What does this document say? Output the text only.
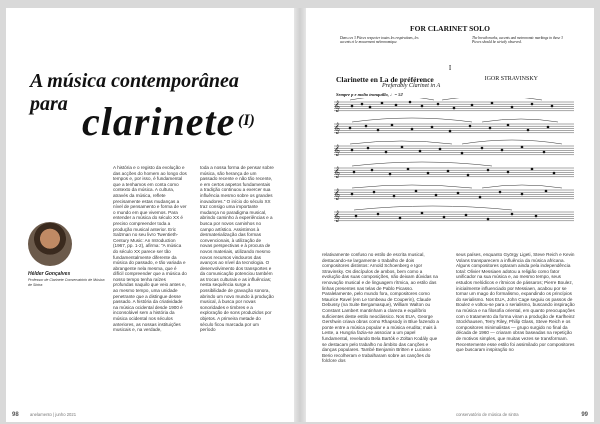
A música contemporânea
para clarinete (I)
Hélder Gonçalves
Professor de Clarinete Conservatório de Música de Sintra
A história e o registo da evolução e das acções do homem ao longo dos tempos e, por isso, é fundamental que a tenhamos em conta como contexto da música. A cultura, através da música, reflete precisamente estas mudanças a nível de pensamento e forma de ver o mundo em que vivemos. Para entender a música do século XX é preciso compreender toda a produção musical anterior. Eric Salzman no seu livro Twentieth-Century Music: An Introduction (1967, pp. 1-2), afirma: "A música do século XX parece ser tão fundamentalmente diferente da música do passado, e tão variada e abrangente nela mesma, que é difícil compreender que a música do nosso tempo tenha raízes profundas naquilo que veio antes e, ao mesmo tempo, uma unidade penetrante que a distingue desse passado. A história da criatividade na música ocidental desde 1900 é inconsolável sem a história da música ocidental nos séculos anteriores, as nossas instituições musicais e, na verdade,
toda a nossa forma de pensar sobre música, são herança de um passado recente e não tão recente, e em certos aspetos fundamentais a tradição continuou a exercer sua influência mesmo sobre os grandes inovadores." O início do século XX traz consigo uma importante mudança no paradigma musical, abrindo caminho à experiências e a busca por novos caminhos no campo artístico. Assistimos à desmaterialização das formas convencionais, à utilização de novas perspectivas e à procura de novos materiais, utilizando mesmo novos recursos vindouros das avanços ao nível da tecnologia. O desenvolvimento dos transportes e da comunicação potenciou também as trocas culturais e as influências; nesta sequência surge a possibilidade de gravação sonora, abrindo um novo mundo à produção musical, à busca por novas sonoridades e timbres e a exploração de sons produzidos por objetos. A primeira metade do século ficou marcada por um período
98	anelamento | junho 2021
FOR CLARINET SOLO
Dans ces 3 Pièces respecter toutes les respirations, les accents et le mouvement métronomique.
The breath marks, accents and metronomic markings in these 3 Pieces should be strictly observed.
I
Clarinette en La de préférence	IGOR STRAVINSKY
Preferably Clarinet in A
Sempre p e molto tranquillo, ♩= 52
𝄞
𝄞
𝄞
𝄞
𝄞
𝄞
relativamente confuso no estilo de escrita musical, destacando-se largamente o trabalho de dois compositores distintos: Arnold Schoenberg e Igor Stravinsky. Os discípulos de ambos, bem como a evolução das suas composições, não deixam dúvidas na renovação musical e de linguagem rítmica, ao estilo das linhas presentes nas telas de Pablo Picasso. Paralelamente, pelo mundo fora, compositores como Maurice Ravel (em Le tombeau de Couperin), Claude Debussy (na Suite Bergamasque), William Walton ou Constant Lambert mantinham a clareza e equilíbrio suficientes deste estilo neoclássico. Nos EUA, George Gershwin criava obras como Rhapsody in Blue fazendo a ponte entre a música popular e a música erudita; mais à Leste, a Hungria fazia-se associar a um papel fundamental, revelando Bela Bartók e Zoltan Kodály que se destacam pelo trabalho no âmbito das canções e danças populares. També Benjamin Britten e Luciano Berio recolheram e trabalharam sobre as canções do folclore dos
seus países, enquanto György Ligeti, Steve Reich e Kevin Volans transparecem a influência da música africana. Alguns compositores optaram ainda pela independência total: Olivier Messiaen adotou a religião como fator unificador na sua música e, ao mesmo tempo, seus estudos melódicos e rítmicos de pássaros; Pierre Boulez, inicialmente influenciado por Messiaen, acabou por se tornar um mago do formalismo, expandindo os princípios do serialismo. Nos EUA, John Cage seguiu os passos de Boulez e voltou-se para o serialismo, buscando inspiração na música e na filosofia oriental, em quanto preocupações com o tratamento da forma viram a produção de Karlheinz Stockhausen, Terry Riley, Philip Glass, Steve Reich e os compositores minimalistas — grupo surgido no final da década de 1960 — criaram obras baseadas na repetição de motivos simples, que muitas vezes se transformam. Recentemente esse estilo foi assimilado por compositores que buscaram inspiração no
conservatório de música de sintra	99
